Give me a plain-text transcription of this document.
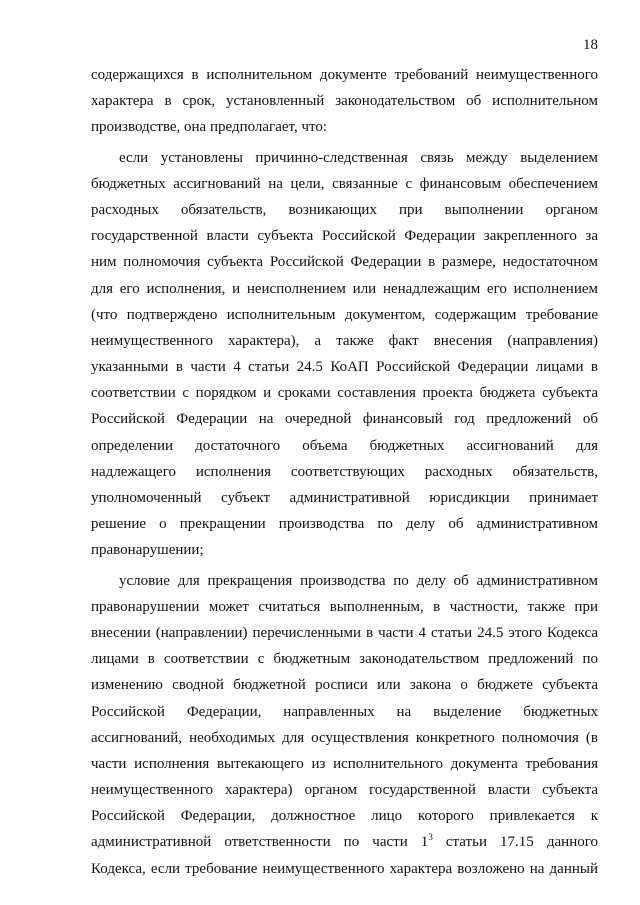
18
содержащихся в исполнительном документе требований неимущественного
характера в срок, установленный законодательством об исполнительном
производстве, она предполагает, что:
если установлены причинно-следственная связь между выделением
бюджетных ассигнований на цели, связанные с финансовым обеспечением
расходных обязательств, возникающих при выполнении органом
государственной власти субъекта Российской Федерации закрепленного за
ним полномочия субъекта Российской Федерации в размере, недостаточном
для его исполнения, и неисполнением или ненадлежащим его исполнением
(что подтверждено исполнительным документом, содержащим требование
неимущественного характера), а также факт внесения (направления)
указанными в части 4 статьи 24.5 КоАП Российской Федерации лицами в
соответствии с порядком и сроками составления проекта бюджета субъекта
Российской Федерации на очередной финансовый год предложений об
определении достаточного объема бюджетных ассигнований для
надлежащего исполнения соответствующих расходных обязательств,
уполномоченный субъект административной юрисдикции принимает
решение о прекращении производства по делу об административном
правонарушении;
условие для прекращения производства по делу об административном
правонарушении может считаться выполненным, в частности, также при
внесении (направлении) перечисленными в части 4 статьи 24.5 этого Кодекса
лицами в соответствии с бюджетным законодательством предложений по
изменению сводной бюджетной росписи или закона о бюджете субъекта
Российской Федерации, направленных на выделение бюджетных
ассигнований, необходимых для осуществления конкретного полномочия (в
части исполнения вытекающего из исполнительного документа требования
неимущественного характера) органом государственной власти субъекта
Российской Федерации, должностное лицо которого привлекается к
административной ответственности по части $1^3$ статьи 17.15 данного
Кодекса, если требование неимущественного характера возложено на данный
